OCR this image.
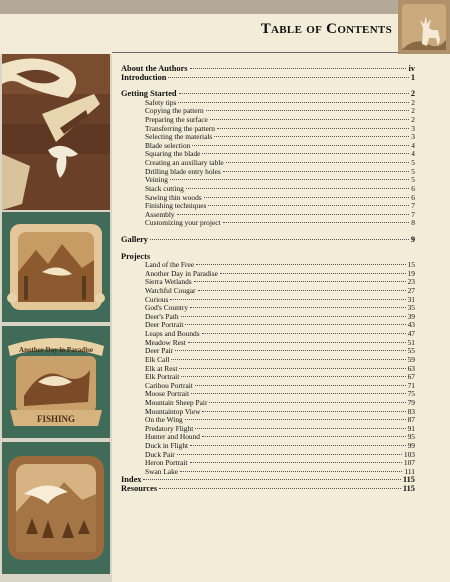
Table of Contents
Another Day in Paradise
FISHING
About the Authors	iv
Introduction	1
Getting Started	2
Safety tips	2
Copying the pattern	2
Preparing the surface	2
Transferring the pattern	3
Selecting the materials	3
Blade selection	4
Squaring the blade	4
Creating an auxiliary table	5
Drilling blade entry holes	5
Veining	5
Stack cutting	6
Sawing thin woods	6
Finishing techniques	7
Assembly	7
Customizing your project	8
Gallery	9
Projects
Land of the Free	15
Another Day in Paradise	19
Sierra Wetlands	23
Watchful Cougar	27
Curious	31
God's Country	35
Deer's Path	39
Deer Portrait	43
Leaps and Bounds	47
Meadow Rest	51
Deer Pair	55
Elk Call	59
Elk at Rest	63
Elk Portrait	67
Caribou Portrait	71
Moose Portrait	75
Mountain Sheep Pair	79
Mountaintop View	83
On the Wing	87
Predatory Flight	91
Hunter and Hound	95
Duck in Flight	99
Duck Pair	103
Heron Portrait	107
Swan Lake	111
Index	115
Resources	115
